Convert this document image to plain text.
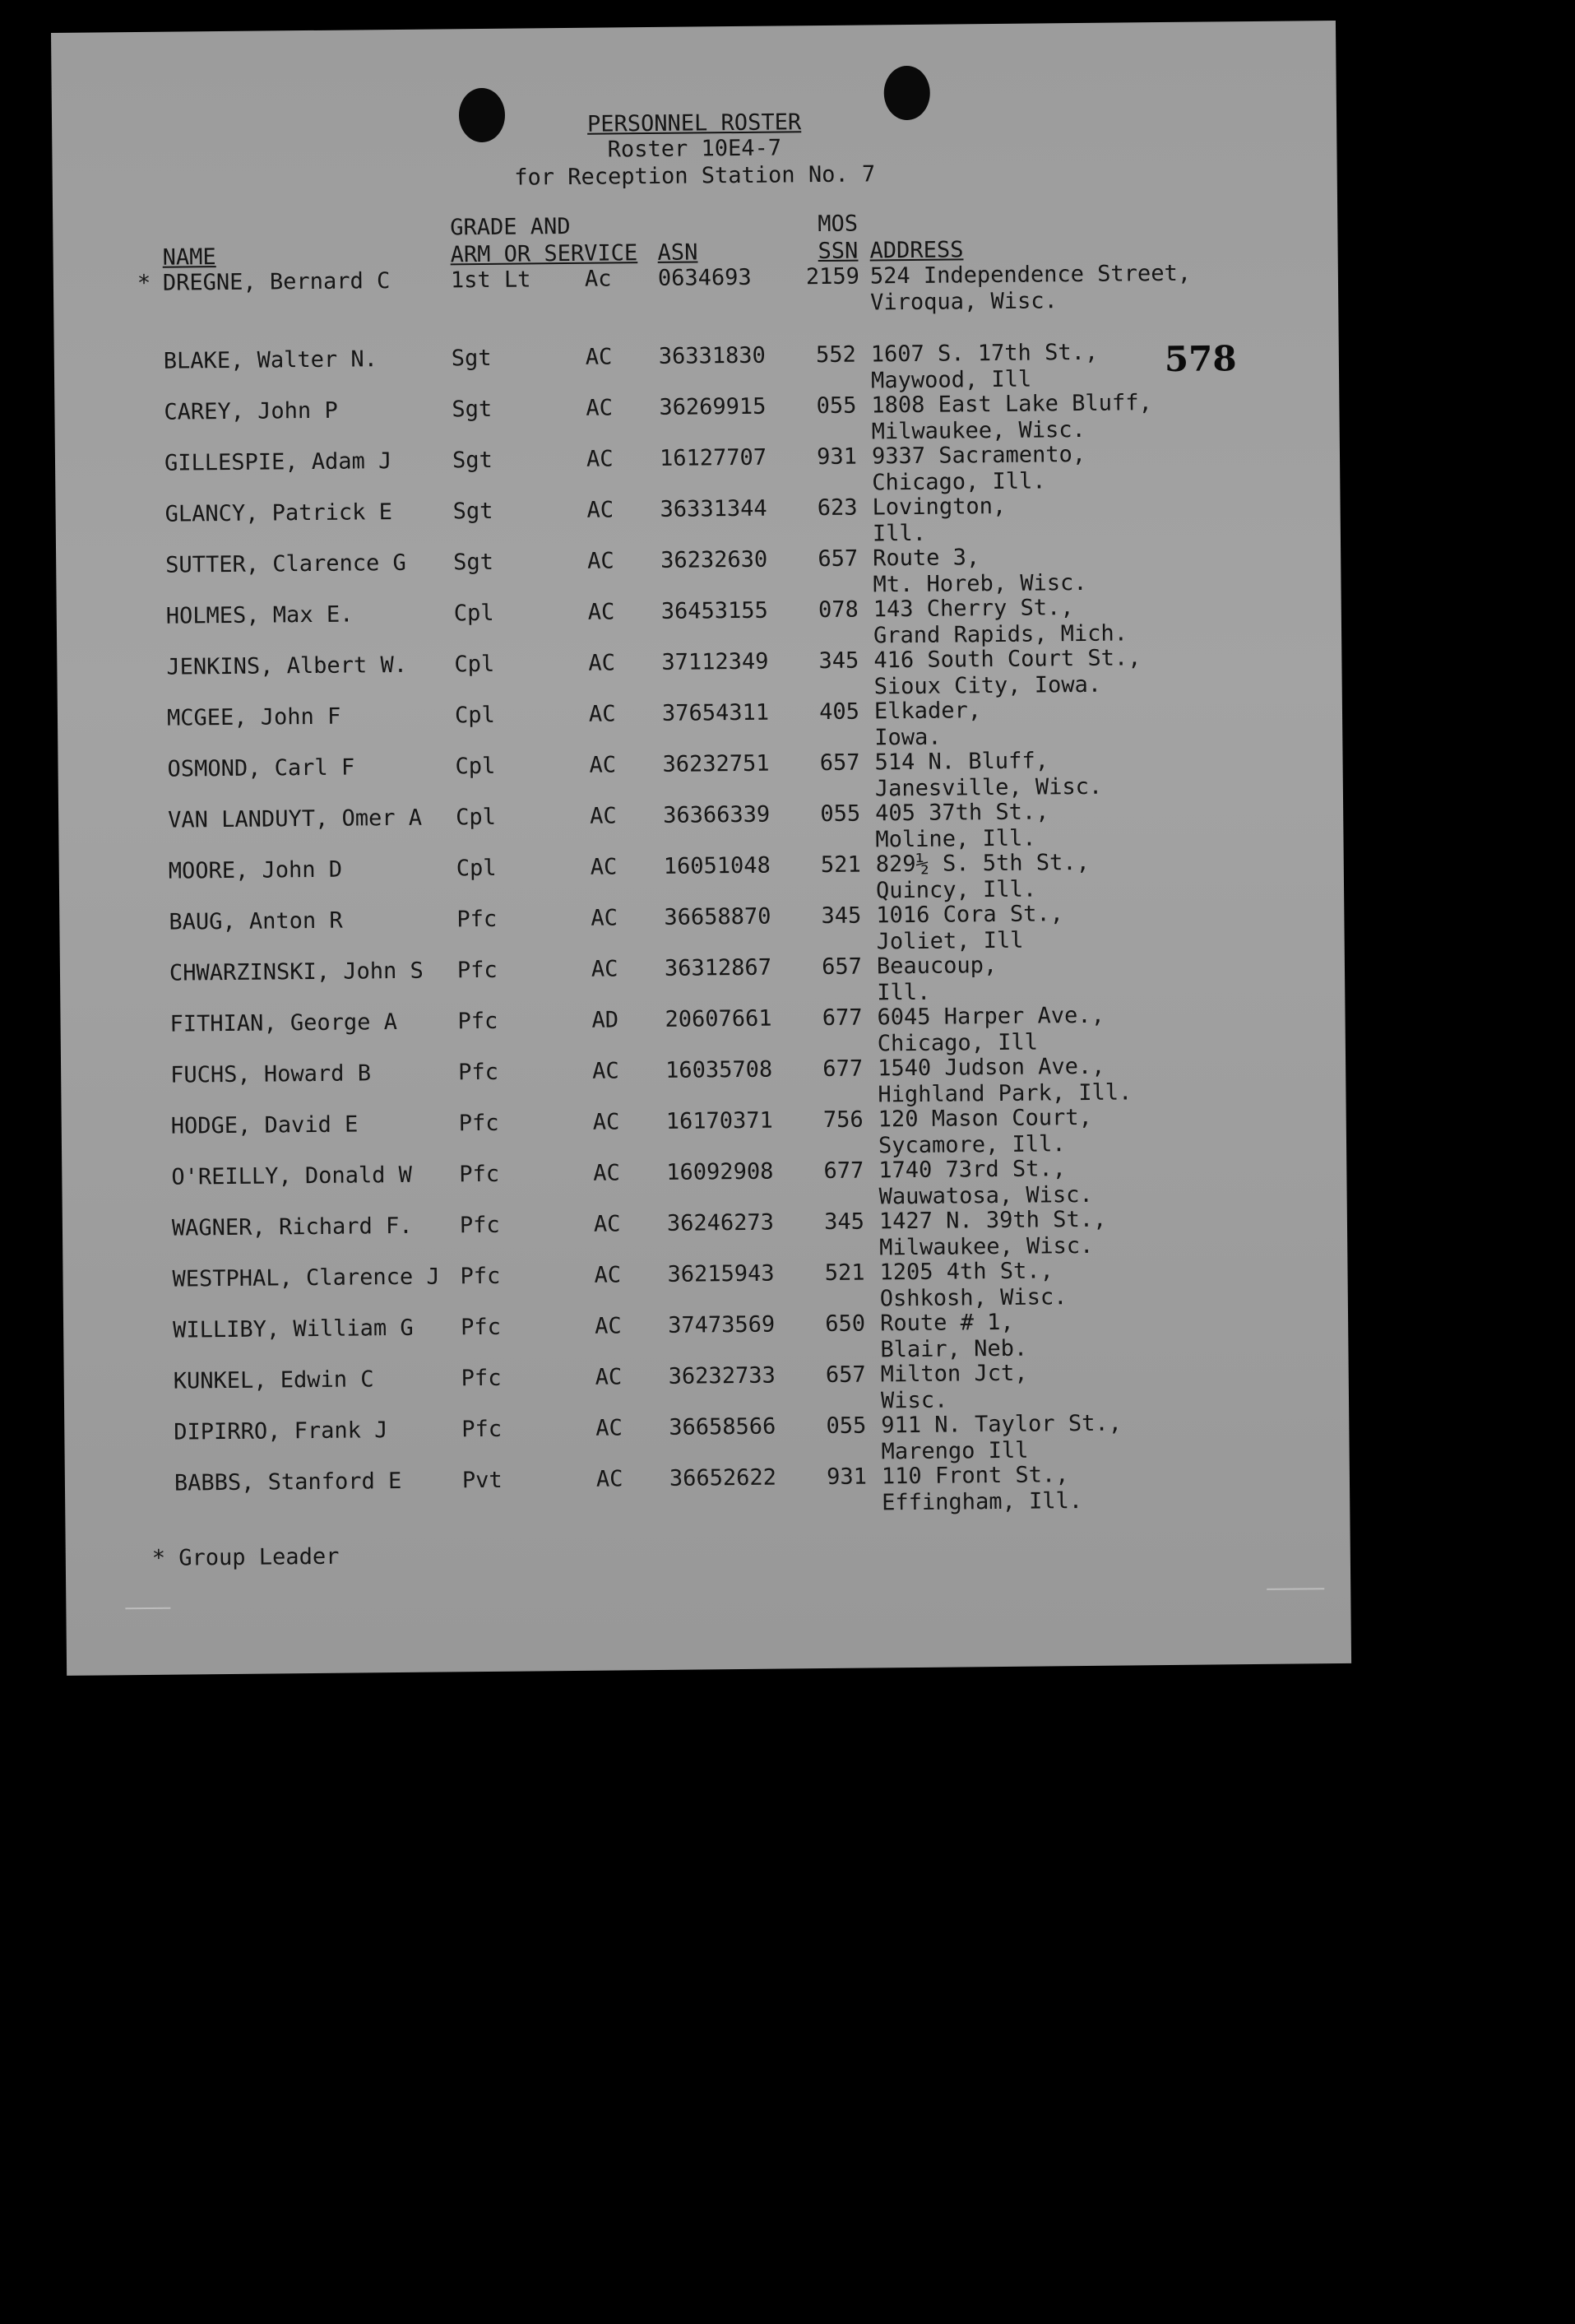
PERSONNEL ROSTER
Roster 10E4-7
for Reception Station No. 7
578
NAME
GRADE AND
ARM OR SERVICE ASN
MOS
SSN ADDRESS
* DREGNE, Bernard C	1st Lt Ac 0634693 2159 524 Independence Street,
Viroqua, Wisc.
BLAKE, Walter N.	Sgt	AC 36331830	552 1607 S. 17th St.,
Maywood, Ill
CAREY, John P	Sgt	AC 36269915	055 1808 East Lake Bluff,
Milwaukee, Wisc.
GILLESPIE, Adam J	Sgt	AC 16127707	931 9337 Sacramento,
Chicago, Ill.
GLANCY, Patrick E	Sgt	AC 36331344	623 Lovington,
Ill.
SUTTER, Clarence G Sgt	AC 36232630	657 Route 3,
Mt. Horeb, Wisc.
HOLMES, Max E.	Cpl	AC 36453155	078 143 Cherry St.,
Grand Rapids, Mich.
JENKINS, Albert W. Cpl	AC 37112349	345 416 South Court St.,
Sioux City, Iowa.
MCGEE, John F	Cpl	AC 37654311	405 Elkader,
Iowa.
OSMOND, Carl F	Cpl	AC 36232751	657 514 N. Bluff,
Janesville, Wisc.
VAN LANDUYT, Omer A Cpl	AC 36366339	055 405 37th St.,
Moline, Ill.
MOORE, John D	Cpl	AC 16051048	521 829½ S. 5th St.,
Quincy, Ill.
BAUG, Anton R	Pfc	AC 36658870	345 1016 Cora St.,
Joliet, Ill
CHWARZINSKI, John S Pfc	AC 36312867	657 Beaucoup,
Ill.
FITHIAN, George A	Pfc	AD 20607661	677 6045 Harper Ave.,
Chicago, Ill
FUCHS, Howard B	Pfc	AC 16035708	677 1540 Judson Ave.,
Highland Park, Ill.
HODGE, David E	Pfc	AC 16170371	756 120 Mason Court,
Sycamore, Ill.
O'REILLY, Donald W Pfc	AC 16092908	677 1740 73rd St.,
Wauwatosa, Wisc.
WAGNER, Richard F. Pfc	AC 36246273	345 1427 N. 39th St.,
Milwaukee, Wisc.
WESTPHAL, Clarence J Pfc	AC 36215943	521 1205 4th St.,
Oshkosh, Wisc.
WILLIBY, William G Pfc	AC 37473569	650 Route # 1,
Blair, Neb.
KUNKEL, Edwin C	Pfc	AC 36232733	657 Milton Jct,
Wisc.
DIPIRRO, Frank J	Pfc	AC 36658566	055 911 N. Taylor St.,
Marengo Ill
BABBS, Stanford E	Pvt	AC 36652622	931 110 Front St.,
Effingham, Ill.
* Group Leader
